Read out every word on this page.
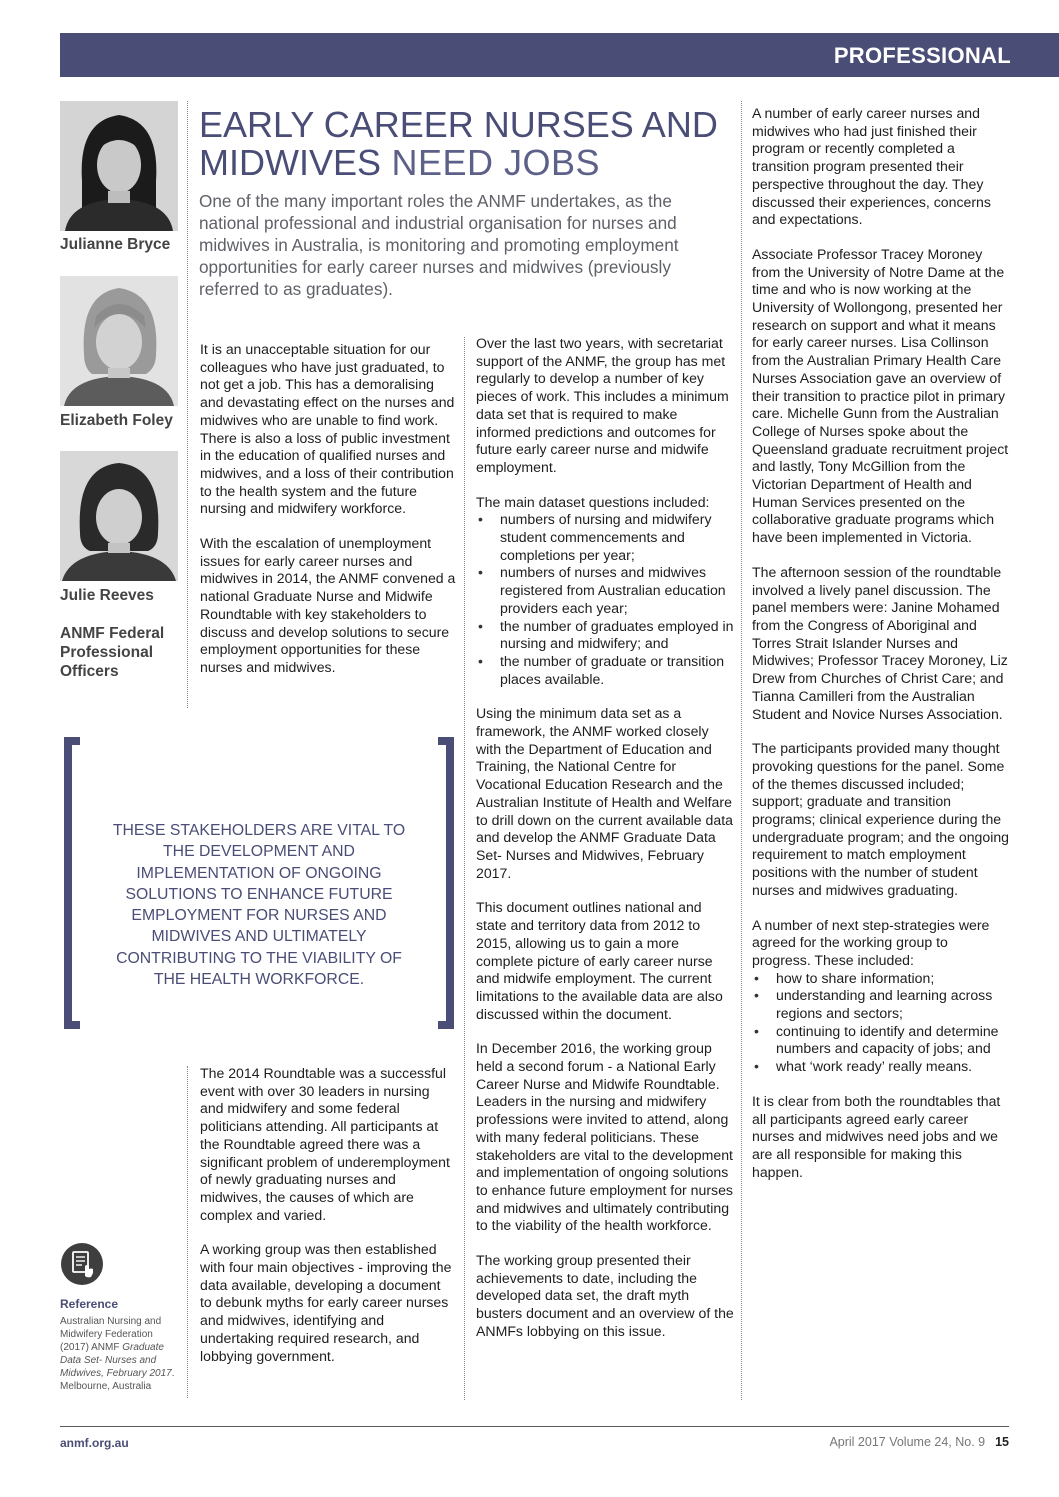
PROFESSIONAL
EARLY CAREER NURSES AND
MIDWIVES NEED JOBS
One of the many important roles the ANMF undertakes, as the national professional and industrial organisation for nurses and midwives in Australia, is monitoring and promoting employment opportunities for early career nurses and midwives (previously referred to as graduates).
Julianne Bryce
Elizabeth Foley
Julie Reeves
ANMF Federal Professional Officers

It is an unacceptable situation for our colleagues who have just graduated, to not get a job. This has a demoralising and devastating effect on the nurses and midwives who are unable to find work. There is also a loss of public investment in the education of qualified nurses and midwives, and a loss of their contribution to the health system and the future nursing and midwifery workforce.

With the escalation of unemployment issues for early career nurses and midwives in 2014, the ANMF convened a national Graduate Nurse and Midwife Roundtable with key stakeholders to discuss and develop solutions to secure employment opportunities for these nurses and midwives.

THESE STAKEHOLDERS ARE VITAL TO THE DEVELOPMENT AND IMPLEMENTATION OF ONGOING SOLUTIONS TO ENHANCE FUTURE EMPLOYMENT FOR NURSES AND MIDWIVES AND ULTIMATELY CONTRIBUTING TO THE VIABILITY OF THE HEALTH WORKFORCE.

The 2014 Roundtable was a successful event with over 30 leaders in nursing and midwifery and some federal politicians attending. All participants at the Roundtable agreed there was a significant problem of underemployment of newly graduating nurses and midwives, the causes of which are complex and varied.

A working group was then established with four main objectives - improving the data available, developing a document to debunk myths for early career nurses and midwives, identifying and undertaking required research, and lobbying government.

Reference
Australian Nursing and Midwifery Federation (2017) ANMF Graduate Data Set- Nurses and Midwives, February 2017. Melbourne, Australia

Over the last two years, with secretariat support of the ANMF, the group has met regularly to develop a number of key pieces of work. This includes a minimum data set that is required to make informed predictions and outcomes for future early career nurse and midwife employment.

The main dataset questions included:

• numbers of nursing and midwifery student commencements and completions per year;
• numbers of nurses and midwives registered from Australian education providers each year;
• the number of graduates employed in nursing and midwifery; and
• the number of graduate or transition places available.

Using the minimum data set as a framework, the ANMF worked closely with the Department of Education and Training, the National Centre for Vocational Education Research and the Australian Institute of Health and Welfare to drill down on the current available data and develop the ANMF Graduate Data Set- Nurses and Midwives, February 2017.

This document outlines national and state and territory data from 2012 to 2015, allowing us to gain a more complete picture of early career nurse and midwife employment. The current limitations to the available data are also discussed within the document.

In December 2016, the working group held a second forum - a National Early Career Nurse and Midwife Roundtable. Leaders in the nursing and midwifery professions were invited to attend, along with many federal politicians. These stakeholders are vital to the development and implementation of ongoing solutions to enhance future employment for nurses and midwives and ultimately contributing to the viability of the health workforce.

The working group presented their achievements to date, including the developed data set, the draft myth busters document and an overview of the ANMFs lobbying on this issue.

A number of early career nurses and midwives who had just finished their program or recently completed a transition program presented their perspective throughout the day. They discussed their experiences, concerns and expectations.

Associate Professor Tracey Moroney from the University of Notre Dame at the time and who is now working at the University of Wollongong, presented her research on support and what it means for early career nurses. Lisa Collinson from the Australian Primary Health Care Nurses Association gave an overview of their transition to practice pilot in primary care. Michelle Gunn from the Australian College of Nurses spoke about the Queensland graduate recruitment project and lastly, Tony McGillion from the Victorian Department of Health and Human Services presented on the collaborative graduate programs which have been implemented in Victoria.

The afternoon session of the roundtable involved a lively panel discussion. The panel members were: Janine Mohamed from the Congress of Aboriginal and Torres Strait Islander Nurses and Midwives; Professor Tracey Moroney, Liz Drew from Churches of Christ Care; and Tianna Camilleri from the Australian Student and Novice Nurses Association.

The participants provided many thought provoking questions for the panel. Some of the themes discussed included; support; graduate and transition programs; clinical experience during the undergraduate program; and the ongoing requirement to match employment positions with the number of student nurses and midwives graduating.

A number of next step-strategies were agreed for the working group to progress. These included:

• how to share information;
• understanding and learning across regions and sectors;
• continuing to identify and determine numbers and capacity of jobs; and
• what ‘work ready’ really means.

It is clear from both the roundtables that all participants agreed early career nurses and midwives need jobs and we are all responsible for making this happen.

anmf.org.au	April 2017 Volume 24, No. 9 15
